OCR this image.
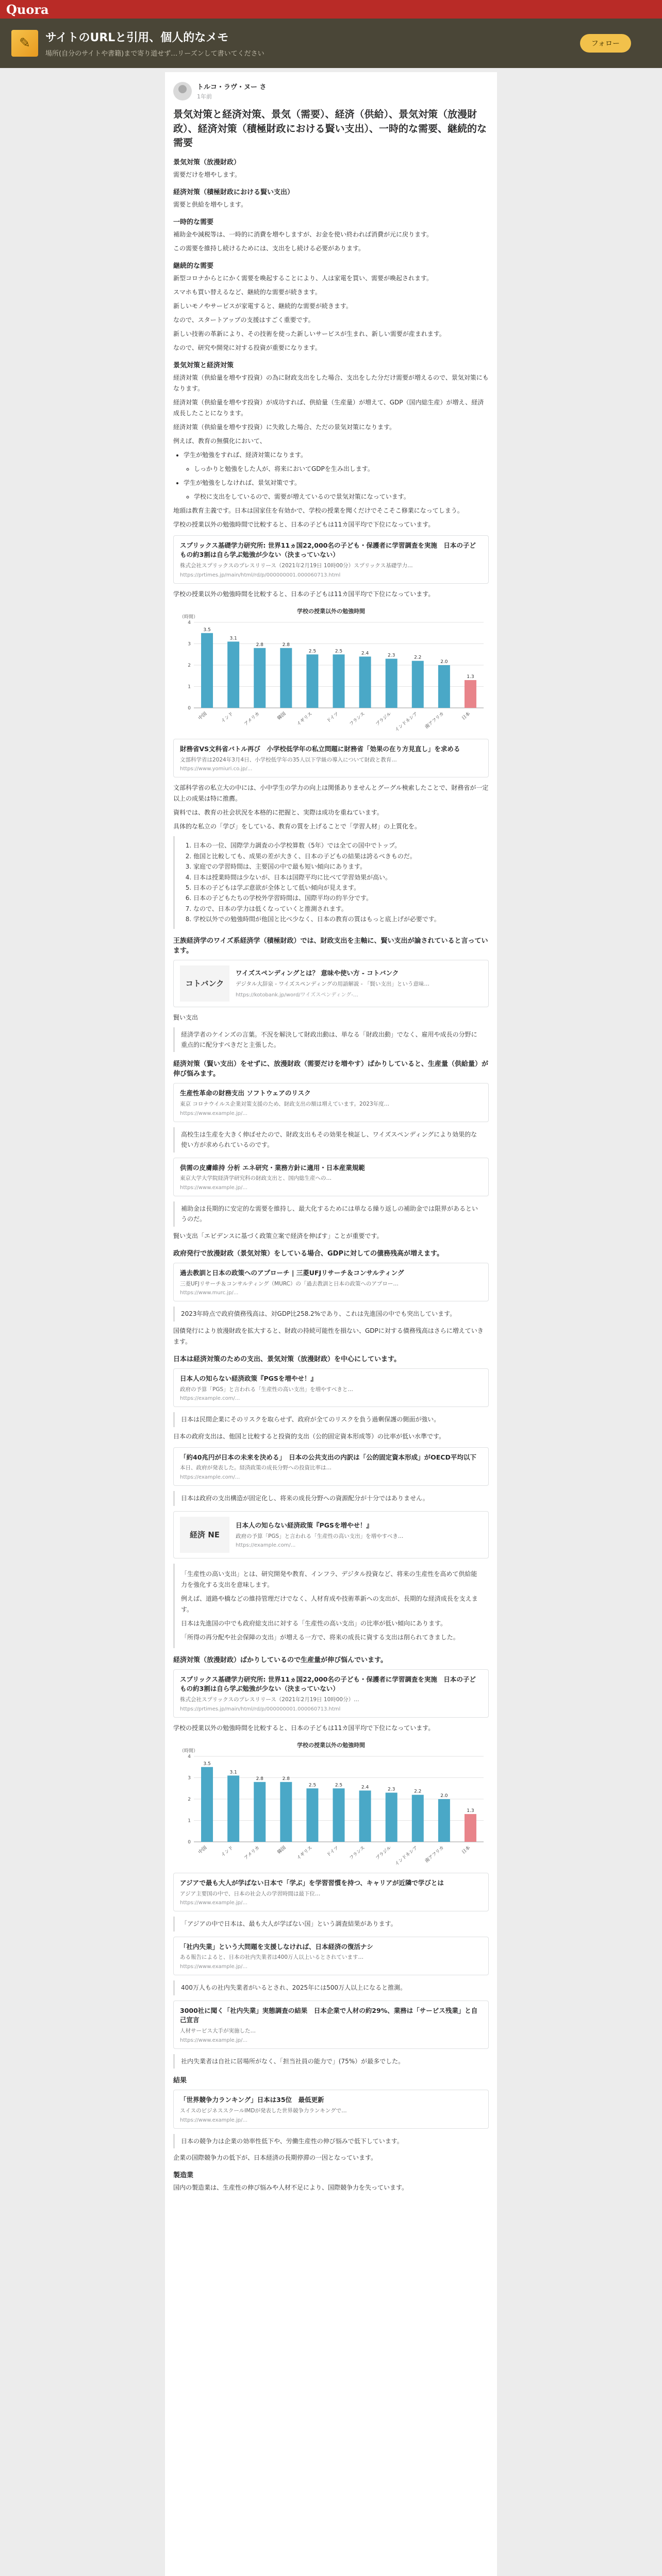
Quora
✎	サイトのURLと引用、個人的なメモ
場所(自分のサイトや書籍)まで寄り道せず…リーズンして書いてください
フォロー
トルコ・ラヴ・ヌー さ
1年前
景気対策と経済対策、景気（需要）、経済（供給）、景気対策（放漫財政）、経済対策（積極財政における賢い支出）、一時的な需要、継続的な需要
景気対策（放漫財政）
需要だけを増やします。
経済対策（積極財政における賢い支出）
需要と供給を増やします。
一時的な需要
補助金や減税等は、一時的に消費を増やしますが、お金を使い終われば消費が元に戻ります。
この需要を維持し続けるためには、支出をし続ける必要があります。
継続的な需要
新型コロナからとにかく需要を喚起することにより、人は家電を買い、需要が喚起されます。
スマホも買い替えるなど、継続的な需要が続きます。
新しいモノやサービスが家電すると、継続的な需要が続きます。
なので、スタートアップの支援はすごく重要です。
新しい技術の革新により、その技術を使った新しいサービスが生まれ、新しい需要が産まれます。
なので、研究や開発に対する投資が重要になります。
景気対策と経済対策
経済対策（供給量を増やす投資）の為に財政支出をした場合、支出をした分だけ需要が増えるので、景気対策にもなります。
経済対策（供給量を増やす投資）が成功すれば、供給量（生産量）が増えて、GDP（国内総生産）が増え、経済成長したことになります。
経済対策（供給量を増やす投資）に失敗した場合、ただの景気対策になります。
例えば、教育の無償化において、
• 学生が勉強をすれば、経済対策になります。
◦ しっかりと勉強をした人が、将来においてGDPを生み出します。
• 学生が勉強をしなければ、景気対策です。
◦ 学校に支出をしているので、需要が増えているので景気対策になっています。
地頭は教育主義です。日本は国家住を有効かで、学校の授業を聞くだけでそこそこ修業になってしまう。
学校の授業以外の勉強時間で比較すると、日本の子どもは11カ国平均で下位になっています。
スプリックス基礎学力研究所: 世界11ヵ国22,000名の子ども・保護者に学習調査を実施　日本の子どもの約3割は自ら学ぶ勉強が少ない（決まっていない）
株式会社スプリックスのプレスリリース（2021年2月19日 10時00分）スプリックス基礎学力…
https://prtimes.jp/main/html/rd/p/000000001.000060713.html
学校の授業以外の勉強時間を比較すると、日本の子どもは11カ国平均で下位になっています。
学校の授業以外の勉強時間
（時間）
0
1
2
3
4
3.5
中国
3.1
インド
2.8
アメリカ
2.8
韓国
2.5
イギリス
2.5
ドイツ
2.4
フランス
2.3
ブラジル
2.2
インドネシア
2.0
南アフリカ
1.3
日本
財務省VS文科省バトル再び　小学校低学年の私立問題に財務省「効果の在り方見直し」を求める
文部科学省は2024年3月4日、小学校低学年の35人以下学級の導入について財政と教育…
https://www.yomiuri.co.jp/...
文部科学省の私立大の中には、小中学生の学力の向上は関係ありませんとグーグル検索したことで、財務省が一定以上の成果は特に推薦。
資料では、教育の社会状況を本格的に把握と、実際は成功を重ねています。
具体的な私立の「学び」をしている、教育の質を上げることで「学習人材」の上質化を。
1. 日本の一位、国際学力調査の小学校算数（5年）では全ての国中でトップ。
2. 他国と比較しても、成果の差が大きく、日本の子どもの結果は誇るべきものだ。
3. 家庭での学習時間は、主要国の中で最も短い傾向にあります。
4. 日本は授業時間は少ないが、日本は国際平均に比べて学習効果が高い。
5. 日本の子どもは学ぶ意欲が全体として低い傾向が見えます。
6. 日本の子どもたちの学校外学習時間は、国際平均の約半分です。
7. なので、日本の学力は低くなっていくと推測されます。
8. 学校以外での勉強時間が他国と比べ少なく、日本の教育の質はもっと底上げが必要です。
王族経済学のワイズ系経済学（積極財政）では、財政支出を主軸に、賢い支出が論されていると言っています。
コトバンク
ワイズスペンディングとは？ 意味や使い方 - コトバンク
デジタル大辞泉 - ワイズスペンディングの用語解説 - 「賢い支出」という意味…
https://kotobank.jp/word/ワイズスペンディング-…
賢い支出
経済学者のケインズの言葉。不況を解決して財政出動は、単なる「財政出動」でなく、雇用や成長の分野に重点的に配分すべきだと主張した。
経済対策（賢い支出）をせずに、放漫財政（需要だけを増やす）ばかりしていると、生産量（供給量）が伸び悩みます。
生産性革命の財務支出 ソフトウェアのリスク
東京 コロナウイルス企業対策支援のため、財政支出の額は増えています。2023年度…
https://www.example.jp/...
高校生は生産を大きく伸ばせたので、財政支出もその効果を検証し、ワイズスペンディングにより効果的な使い方が求められているのです。
供需の皮膚維持 分析 エネ研究・業務方針に適用・日本産業規範
東京大学大学院経済学研究科の財政支出と、国内総生産への…
https://www.example.jp/...
補助金は長期的に安定的な需要を維持し、最大化するためには単なる繰り返しの補助金では限界があるというのだ。
賢い支出「エビデンスに基づく政策立案で経済を伸ばす」ことが重要です。
政府発行で放漫財政（景気対策）をしている場合、GDPに対しての債務残高が増えます。
過去教訓と日本の政策へのアプローチ | 三菱UFJリサーチ＆コンサルティング
三菱UFJリサーチ＆コンサルティング（MURC）の「過去教訓と日本の政策へのアプロー…
https://www.murc.jp/...
2023年時点で政府債務残高は、対GDP比258.2%であり、これは先進国の中でも突出しています。
国債発行により放漫財政を拡大すると、財政の持続可能性を損ない、GDPに対する債務残高はさらに増えていきます。
日本は経済対策のための支出、景気対策（放漫財政）を中心にしています。
日本人の知らない経済政策『PGSを増やせ！』
政府の予算「PGS」と言われる「生産性の高い支出」を増やすべきと…
https://example.com/...
日本は民間企業にそのリスクを取らせず、政府が全てのリスクを負う過剰保護の側面が強い。
日本の政府支出は、他国と比較すると投資的支出（公的固定資本形成等）の比率が低い水準です。
「約40兆円が日本の未来を決める」　日本の公共支出の内訳は「公的固定資本形成」がOECD平均以下
本日、政府が発表した。経済政策の成長分野への投資比率は…
https://example.com/...
日本は政府の支出構造が固定化し、将来の成長分野への資源配分が十分ではありません。
経済 NE
日本人の知らない経済政策『PGSを増やせ！』
政府の予算「PGS」と言われる「生産性の高い支出」を増やすべき…
https://example.com/...
「生産性の高い支出」とは、研究開発や教育、インフラ、デジタル投資など、将来の生産性を高めて供給能力を強化する支出を意味します。
例えば、道路や橋などの維持管理だけでなく、人材育成や技術革新への支出が、長期的な経済成長を支えます。
日本は先進国の中でも政府総支出に対する「生産性の高い支出」の比率が低い傾向にあります。
「所得の再分配や社会保障の支出」が増える一方で、将来の成長に資する支出は削られてきました。
経済対策（放漫財政）ばかりしているので生産量が伸び悩んでいます。
スプリックス基礎学力研究所: 世界11ヵ国22,000名の子ども・保護者に学習調査を実施　日本の子どもの約3割は自ら学ぶ勉強が少ない（決まっていない）
株式会社スプリックスのプレスリリース（2021年2月19日 10時00分）…
https://prtimes.jp/main/html/rd/p/000000001.000060713.html
学校の授業以外の勉強時間を比較すると、日本の子どもは11カ国平均で下位になっています。
学校の授業以外の勉強時間
（時間）
0
1
2
3
4
3.5
中国
3.1
インド
2.8
アメリカ
2.8
韓国
2.5
イギリス
2.5
ドイツ
2.4
フランス
2.3
ブラジル
2.2
インドネシア
2.0
南アフリカ
1.3
日本
アジアで最も大人が学ばない日本で「学ぶ」を学習習慣を持つ、キャリアが近隣で学びとは
アジア主要国の中で、日本の社会人の学習時間は最下位…
https://www.example.jp/...
「アジアの中で日本は、最も大人が学ばない国」という調査結果があります。
「社内失業」という大問題を支援しなければ、日本経済の復活ナシ
ある報告によると、日本の社内失業者は400万人以上いるとされています…
https://www.example.jp/...
400万人もの社内失業者がいるとされ、2025年には500万人以上になると推測。
3000社に聞く「社内失業」実態調査の結果　日本企業で人材の約29%、業務は「サービス残業」と自己宣言
人材サービス大手が実施した…
https://www.example.jp/...
社内失業者は自社に居場所がなく、「担当社員の能力で」(75%）が最多でした。
結果
「世界競争力ランキング」日本は35位　最低更新　
スイスのビジネススクールIMDが発表した世界競争力ランキングで…
https://www.example.jp/...
日本の競争力は企業の効率性低下や、労働生産性の伸び悩みで低下しています。
企業の国際競争力の低下が、日本経済の長期停滞の一因となっています。
製造業
国内の製造業は、生産性の伸び悩みや人材不足により、国際競争力を失っています。
